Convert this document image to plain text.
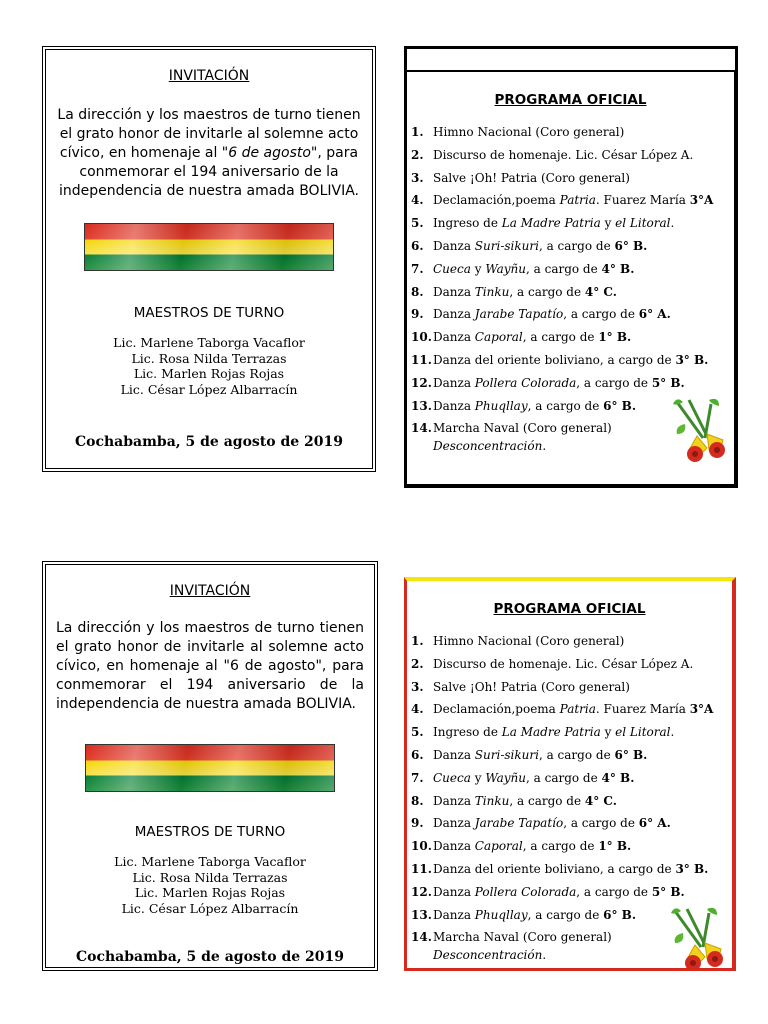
INVITACIÓN

La dirección y los maestros de turno tienen el grato honor de invitarle al solemne acto cívico, en homenaje al "6 de agosto", para conmemorar el 194 aniversario de la independencia de nuestra amada BOLIVIA.

MAESTROS DE TURNO
Lic. Marlene Taborga Vacaflor
Lic. Rosa Nilda Terrazas
Lic. Marlen Rojas Rojas
Lic. César López Albarracín
Cochabamba, 5 de agosto de 2019
PROGRAMA OFICIAL
1. Himno Nacional (Coro general)
2. Discurso de homenaje. Lic. César López A.
3. Salve ¡Oh! Patria (Coro general)
4. Declamación,poema Patria. Fuarez María 3°A
5. Ingreso de La Madre Patria y el Litoral.
6. Danza Suri-sikuri, a cargo de 6° B.
7. Cueca y Wayñu, a cargo de 4° B.
8. Danza Tinku, a cargo de 4° C.
9. Danza Jarabe Tapatío, a cargo de 6° A.
10. Danza Caporal, a cargo de 1° B.
11. Danza del oriente boliviano, a cargo de 3° B.
12. Danza Pollera Colorada, a cargo de 5° B.
13. Danza Phuqllay, a cargo de 6° B.
14. Marcha Naval (Coro general)
Desconcentración.

INVITACIÓN

La dirección y los maestros de turno tienen el grato honor de invitarle al solemne acto cívico, en homenaje al "6 de agosto", para conmemorar el 194 aniversario de la independencia de nuestra amada BOLIVIA.

MAESTROS DE TURNO
Lic. Marlene Taborga Vacaflor
Lic. Rosa Nilda Terrazas
Lic. Marlen Rojas Rojas
Lic. César López Albarracín
Cochabamba, 5 de agosto de 2019
PROGRAMA OFICIAL
1. Himno Nacional (Coro general)
2. Discurso de homenaje. Lic. César López A.
3. Salve ¡Oh! Patria (Coro general)
4. Declamación,poema Patria. Fuarez María 3°A
5. Ingreso de La Madre Patria y el Litoral.
6. Danza Suri-sikuri, a cargo de 6° B.
7. Cueca y Wayñu, a cargo de 4° B.
8. Danza Tinku, a cargo de 4° C.
9. Danza Jarabe Tapatío, a cargo de 6° A.
10. Danza Caporal, a cargo de 1° B.
11. Danza del oriente boliviano, a cargo de 3° B.
12. Danza Pollera Colorada, a cargo de 5° B.
13. Danza Phuqllay, a cargo de 6° B.
14. Marcha Naval (Coro general)
Desconcentración.
